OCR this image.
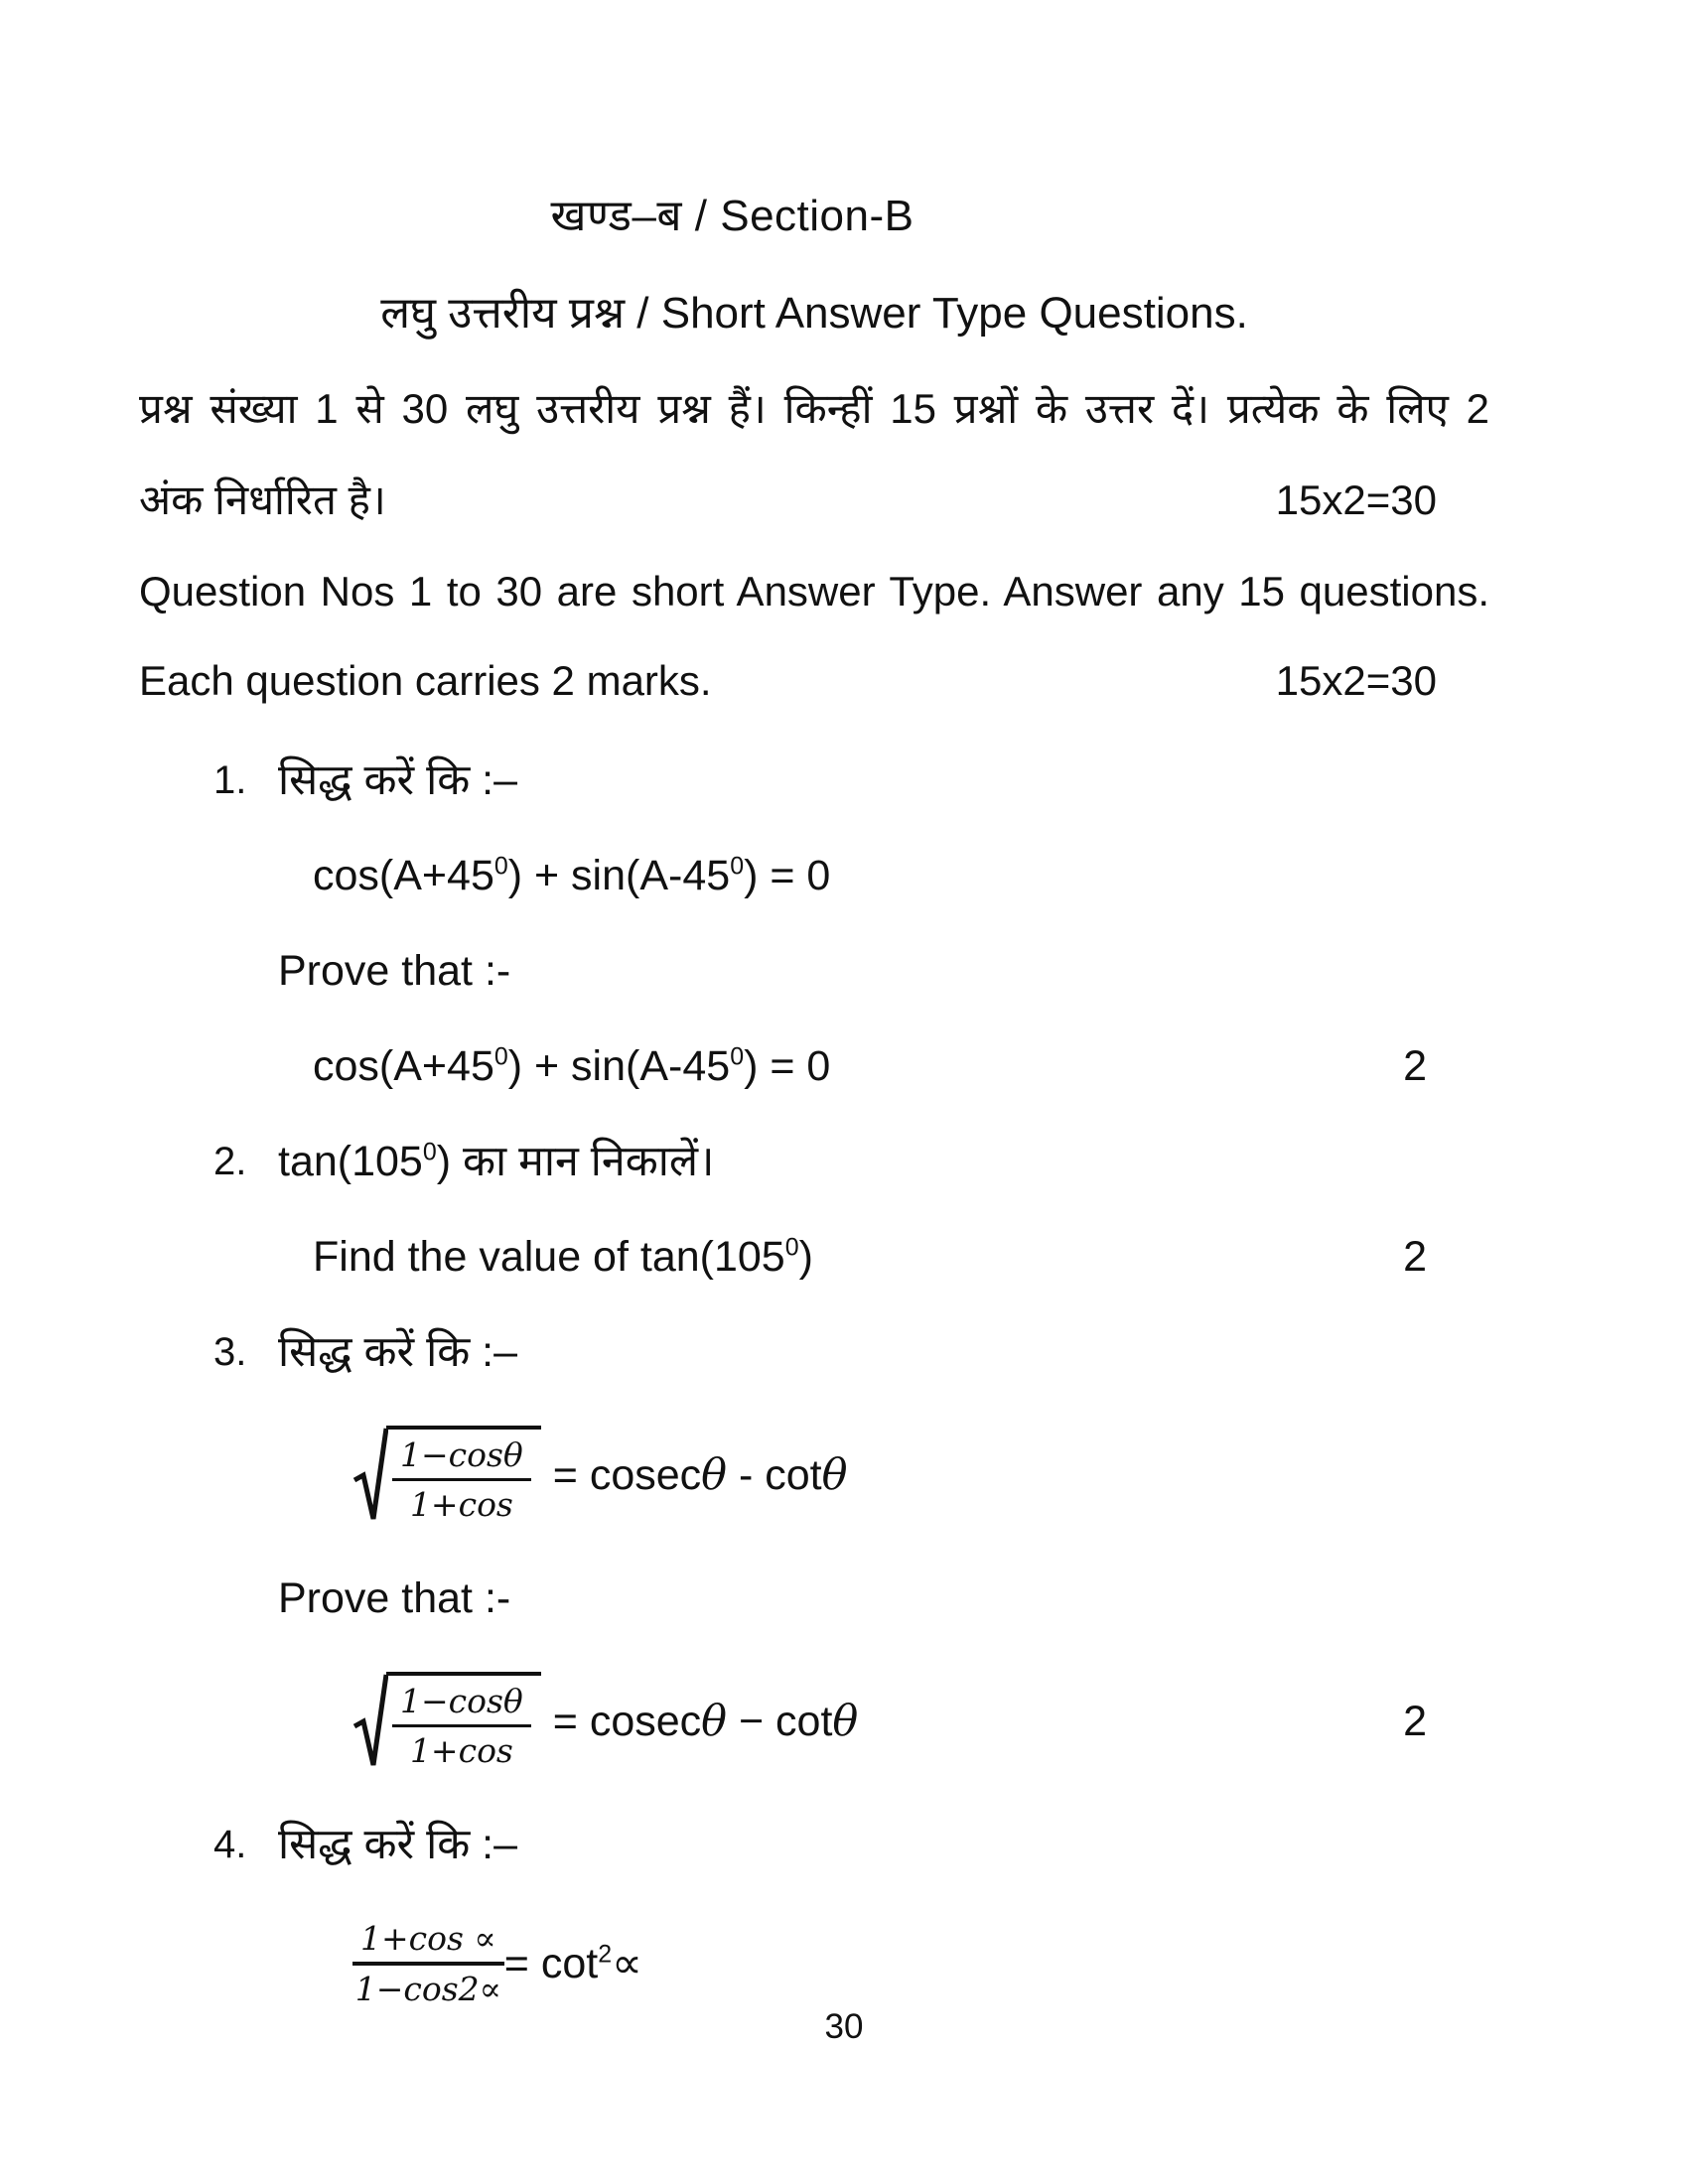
खण्ड–ब / Section-B
लघु उत्तरीय प्रश्न / Short Answer Type Questions.
प्रश्न संख्या 1 से 30 लघु उत्तरीय प्रश्न हैं। किन्हीं 15 प्रश्नों के उत्तर दें। प्रत्येक के लिए 2
अंक निर्धारित है।	15x2=30
Question Nos 1 to 30 are short Answer Type. Answer any 15 questions.
Each question carries 2 marks.	15x2=30
1. सिद्ध करें कि :–
$\cos(A+45^0) + \sin(A-45^0) = 0$
Prove that :-
$\cos(A+45^0) + \sin(A-45^0) = 0$	2
2. $\tan(105^0)$ का मान निकालें।
Find the value of $\tan(105^0)$	2
3. सिद्ध करें कि :–
$\frac{1-\cos\theta}{1+\cos} = cosec\theta - \cot\theta$
Prove that :-
$\frac{1-\cos\theta}{1+\cos} = cosec\theta - \cot\theta$	2
4. सिद्ध करें कि :–
$\frac{1+\cos \propto}{1-\cos 2\propto} = \cot^2\propto$
30
